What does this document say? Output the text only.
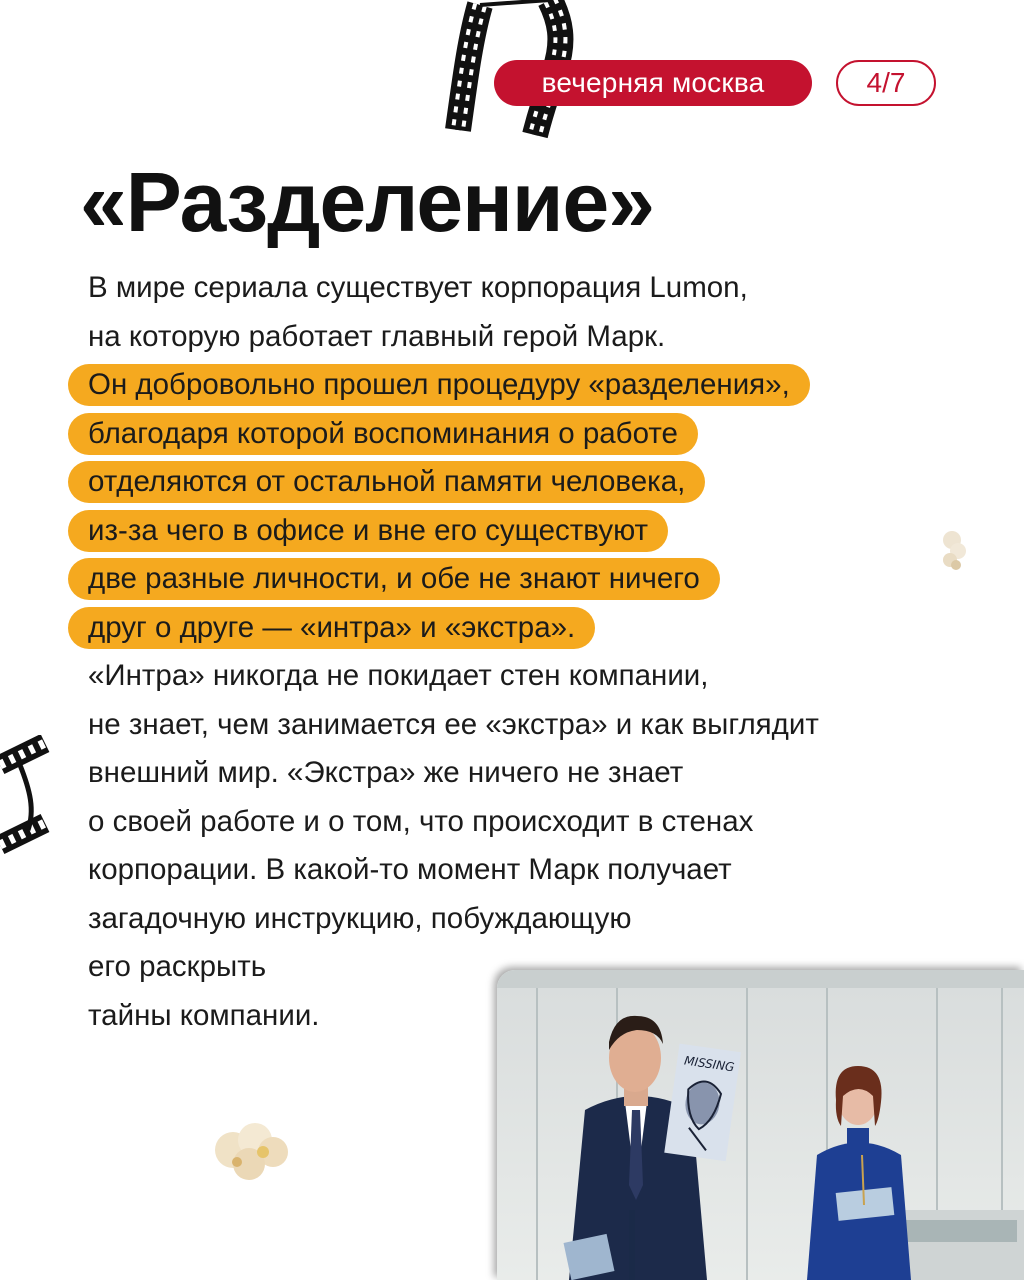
вечерняя москва	4/7
«Разделение»
В мире сериала существует корпорация Lumon,
на которую работает главный герой Марк.
Он добровольно прошел процедуру «разделения»,
благодаря которой воспоминания о работе
отделяются от остальной памяти человека,
из-за чего в офисе и вне его существуют
две разные личности, и обе не знают ничего
друг о друге — «интра» и «экстра».
«Интра» никогда не покидает стен компании,
не знает, чем занимается ее «экстра» и как выглядит
внешний мир. «Экстра» же ничего не знает
о своей работе и о том, что происходит в стенах
корпорации. В какой-то момент Марк получает
загадочную инструкцию, побуждающую
его раскрыть
тайны компании.
MISSING
